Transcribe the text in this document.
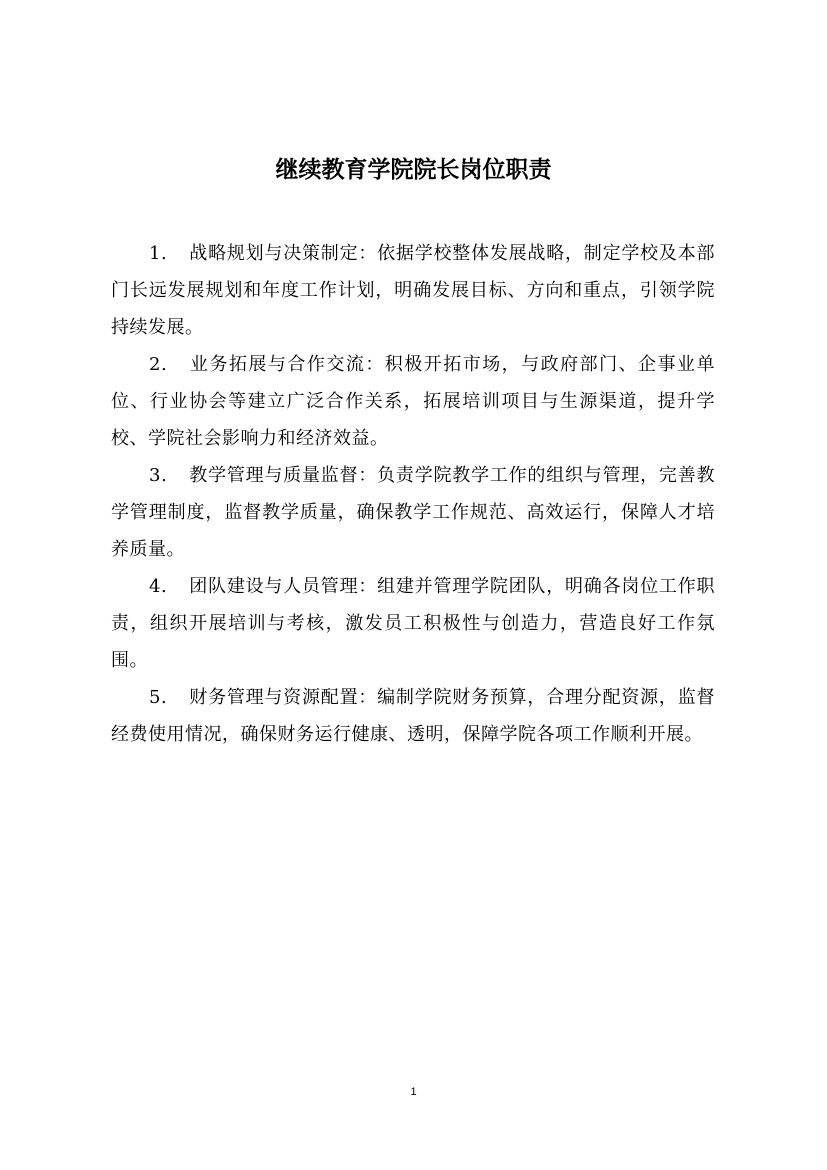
继续教育学院院长岗位职责

1. 战略规划与决策制定：依据学校整体发展战略，制定学校及本部门长远发展规划和年度工作计划，明确发展目标、方向和重点，引领学院持续发展。

2. 业务拓展与合作交流：积极开拓市场，与政府部门、企事业单位、行业协会等建立广泛合作关系，拓展培训项目与生源渠道，提升学校、学院社会影响力和经济效益。

3. 教学管理与质量监督：负责学院教学工作的组织与管理，完善教学管理制度，监督教学质量，确保教学工作规范、高效运行，保障人才培养质量。

4. 团队建设与人员管理：组建并管理学院团队，明确各岗位工作职责，组织开展培训与考核，激发员工积极性与创造力，营造良好工作氛围。

5. 财务管理与资源配置：编制学院财务预算，合理分配资源，监督经费使用情况，确保财务运行健康、透明，保障学院各项工作顺利开展。

1
